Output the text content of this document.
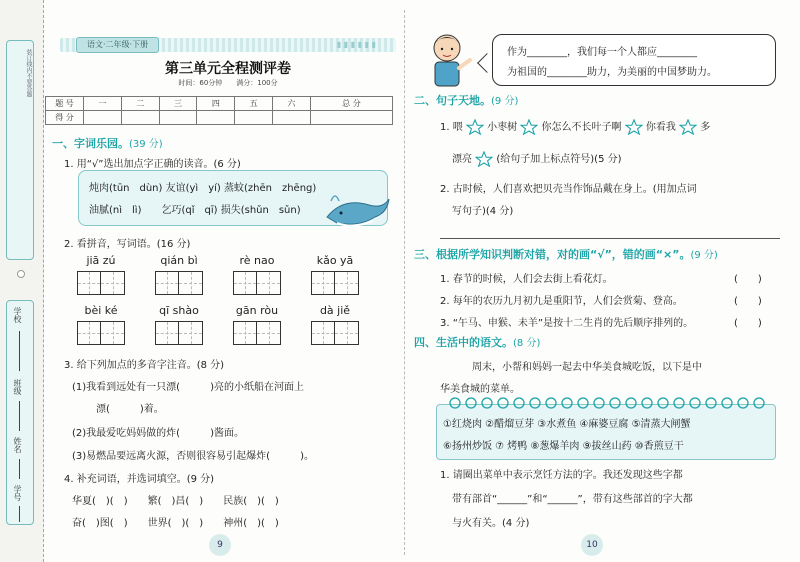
装订线内不要答题
学校
班级
姓名
学号
语文·二年级·下册	▮ ▮ ▮ ▮ ▮ ▮
第三单元全程测评卷
时间：60分钟　　满分：100分
题 号	一	二	三	四	五	六	总 分
得 分							
一、字词乐园。(39 分)
1. 用“√”选出加点字正确的读音。(6 分)
炖肉(tūn　dùn) 友谊(yì　yí) 蒸蚊(zhēn　zhēng)
油腻(nì　lì)　　乞巧(qǐ　qī) 损失(shǔn　sǔn)
2. 看拼音，写词语。(16 分)
jiā zú	qián bì	rè nao	kǎo yā
bèi ké	qī shào	gān ròu	dà jiě
3. 给下列加点的多音字注音。(8 分)
(1)我看到远处有一只漂(　　　)亮的小纸船在河面上
漂(　　　)着。
(2)我最爱吃妈妈做的炸(　　　)酱面。
(3)易燃品要远离火源，否则很容易引起爆炸(　　　)。
4. 补充词语，并选词填空。(9 分)
华夏(　)(　)　　繁(　)昌(　)　　民族(　)(　)
奋(　)图(　)　　世界(　)(　)　　神州(　)(　)
9
作为________，我们每一个人都应________
为祖国的________助力，为美丽的中国梦助力。
二、句子天地。(9 分)
1. 喂 小枣树 你怎么不长叶子啊 你看我 多
漂亮 (给句子加上标点符号)(5 分)
2. 古时候，人们喜欢把贝壳当作饰品戴在身上。(用加点词
写句子)(4 分)
三、根据所学知识判断对错，对的画“√”，错的画“×”。(9 分)
1. 春节的时候，人们会去街上看花灯。	(　　)
2. 每年的农历九月初九是重阳节，人们会赏菊、登高。	(　　)
3. “午马、申猴、未羊”是按十二生肖的先后顺序排列的。	(　　)
四、生活中的语文。(8 分)
周末，小帮和妈妈一起去中华美食城吃饭，以下是中
华美食城的菜单。
①红烧肉 ②醋熘豆芽 ③水煮鱼 ④麻婆豆腐 ⑤清蒸大闸蟹
⑥扬州炒饭 ⑦ 烤鸭 ⑧葱爆羊肉 ⑨拔丝山药 ⑩香煎豆干
1. 请圈出菜单中表示烹饪方法的字。我还发现这些字都
带有部首“______”和“______”，带有这些部首的字大都
与火有关。(4 分)
10
